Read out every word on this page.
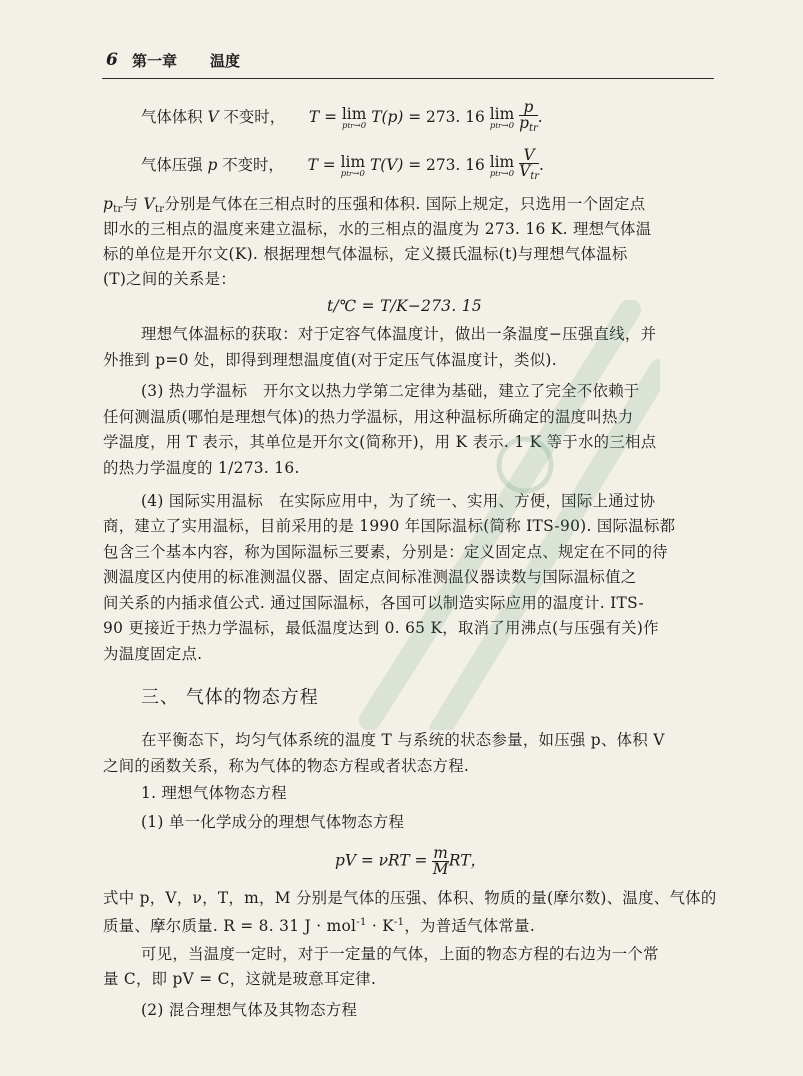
6 第一章 温度
气体体积 V 不变时， T = lim
ptr→0 T(p) = 273. 16 lim
ptr→0
$\frac{p}{p_{tr}}$ .
气体压强 p 不变时， T = lim
ptr→0 T(V) = 273. 16 lim
ptr→0
$\frac{V}{V_{tr}}$ .
$p_{tr}$与 $V_{tr}$分别是气体在三相点时的压强和体积. 国际上规定，只选用一个固定点
即水的三相点的温度来建立温标，水的三相点的温度为 273. 16 K. 理想气体温
标的单位是开尔文(K). 根据理想气体温标，定义摄氏温标(t)与理想气体温标
(T)之间的关系是：
t/℃ = T/K−273. 15
理想气体温标的获取：对于定容气体温度计，做出一条温度−压强直线，并
外推到 p=0 处，即得到理想温度值(对于定压气体温度计，类似).
(3) 热力学温标　开尔文以热力学第二定律为基础，建立了完全不依赖于
任何测温质(哪怕是理想气体)的热力学温标，用这种温标所确定的温度叫热力
学温度，用 T 表示，其单位是开尔文(简称开)，用 K 表示. 1 K 等于水的三相点
的热力学温度的 1/273. 16.
(4) 国际实用温标　在实际应用中，为了统一、实用、方便，国际上通过协
商，建立了实用温标，目前采用的是 1990 年国际温标(简称 ITS-90). 国际温标都
包含三个基本内容，称为国际温标三要素，分别是：定义固定点、规定在不同的待
测温度区内使用的标准测温仪器、固定点间标准测温仪器读数与国际温标值之
间关系的内插求值公式. 通过国际温标，各国可以制造实际应用的温度计. ITS-
90 更接近于热力学温标，最低温度达到 0. 65 K，取消了用沸点(与压强有关)作
为温度固定点.
三、 气体的物态方程
在平衡态下，均匀气体系统的温度 T 与系统的状态参量，如压强 p、体积 V
之间的函数关系，称为气体的物态方程或者状态方程.
1. 理想气体物态方程
(1) 单一化学成分的理想气体物态方程
pV = $\nu RT = \frac{m}{M}$ RT，
式中 p，V，ν，T，m，M 分别是气体的压强、体积、物质的量(摩尔数)、温度、气体的
质量、摩尔质量. R = 8. 31 $J \cdot mol^{-1} \cdot K^{-1}$，为普适气体常量.
可见，当温度一定时，对于一定量的气体，上面的物态方程的右边为一个常
量 C，即 pV = C，这就是玻意耳定律.
(2) 混合理想气体及其物态方程
